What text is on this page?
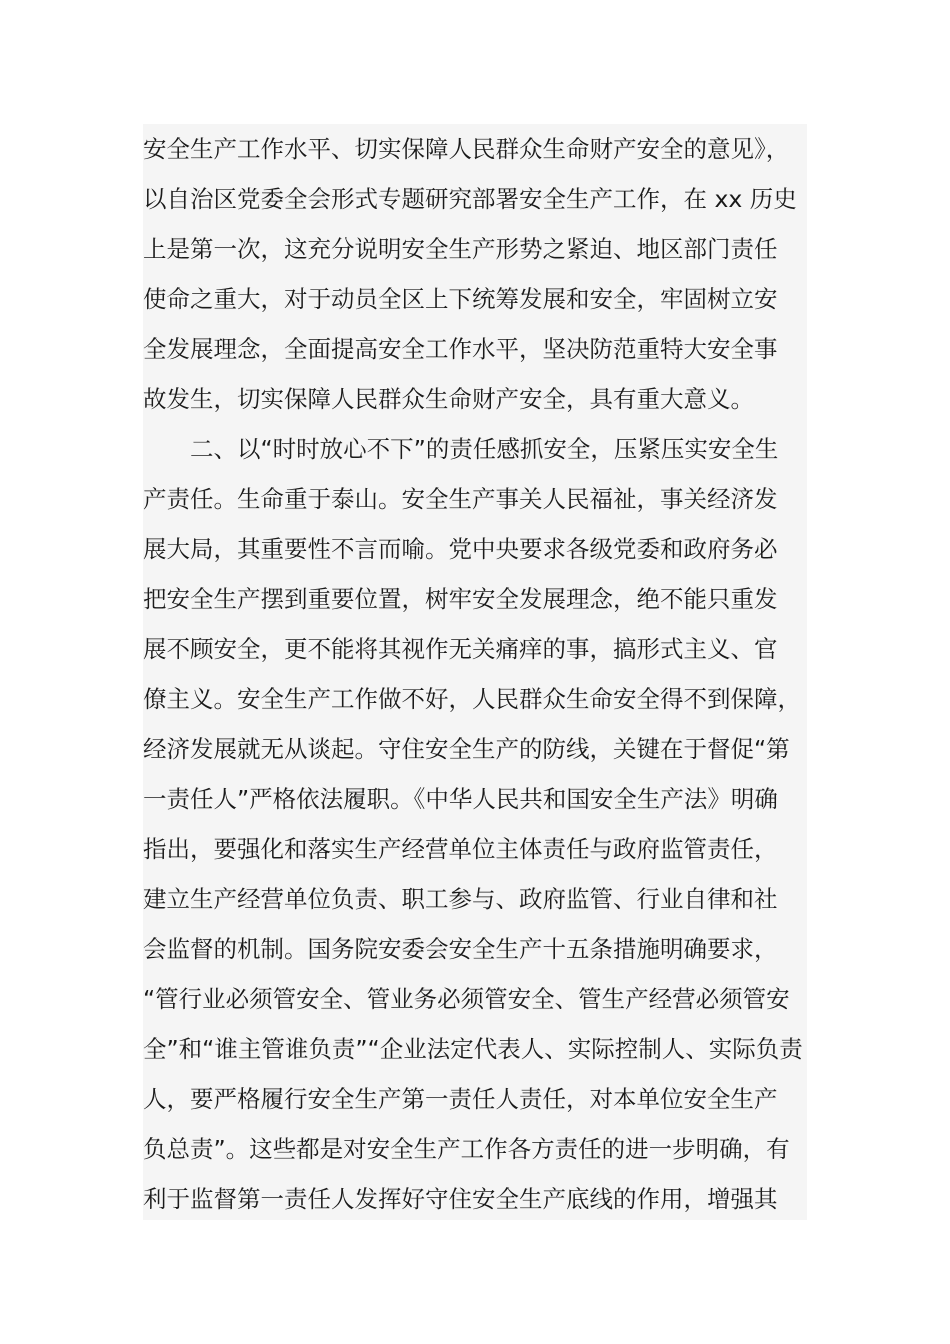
安全生产工作水平、切实保障人民群众生命财产安全的意见》，
以自治区党委全会形式专题研究部署安全生产工作，在 xx 历史
上是第一次，这充分说明安全生产形势之紧迫、地区部门责任
使命之重大，对于动员全区上下统筹发展和安全，牢固树立安
全发展理念，全面提高安全工作水平，坚决防范重特大安全事
故发生，切实保障人民群众生命财产安全，具有重大意义。
　　二、以“时时放心不下”的责任感抓安全，压紧压实安全生
产责任。生命重于泰山。安全生产事关人民福祉，事关经济发
展大局，其重要性不言而喻。党中央要求各级党委和政府务必
把安全生产摆到重要位置，树牢安全发展理念，绝不能只重发
展不顾安全，更不能将其视作无关痛痒的事，搞形式主义、官
僚主义。安全生产工作做不好，人民群众生命安全得不到保障，
经济发展就无从谈起。守住安全生产的防线，关键在于督促“第
一责任人”严格依法履职。《中华人民共和国安全生产法》明确
指出，要强化和落实生产经营单位主体责任与政府监管责任，
建立生产经营单位负责、职工参与、政府监管、行业自律和社
会监督的机制。国务院安委会安全生产十五条措施明确要求，
“管行业必须管安全、管业务必须管安全、管生产经营必须管安
全”和“谁主管谁负责”“企业法定代表人、实际控制人、实际负责
人，要严格履行安全生产第一责任人责任，对本单位安全生产
负总责”。这些都是对安全生产工作各方责任的进一步明确，有
利于监督第一责任人发挥好守住安全生产底线的作用，增强其
